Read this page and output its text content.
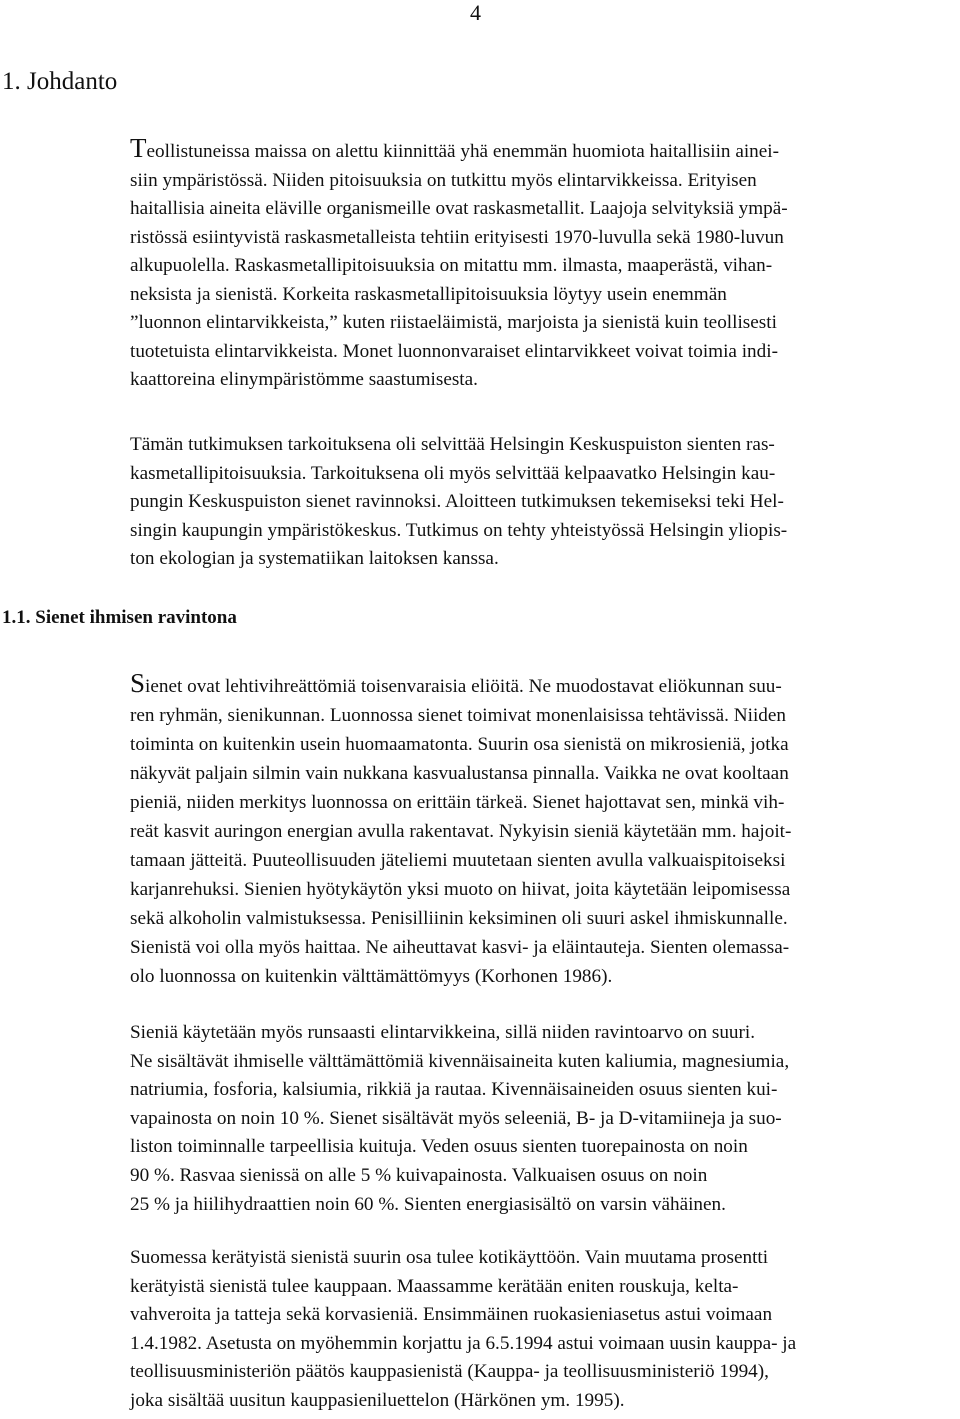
4
1. Johdanto
Teollistuneissa maissa on alettu kiinnittää yhä enemmän huomiota haitallisiin ainei-
siin ympäristössä. Niiden pitoisuuksia on tutkittu myös elintarvikkeissa. Erityisen
haitallisia aineita eläville organismeille ovat raskasmetallit. Laajoja selvityksiä ympä-
ristössä esiintyvistä raskasmetalleista tehtiin erityisesti 1970-luvulla sekä 1980-luvun
alkupuolella. Raskasmetallipitoisuuksia on mitattu mm. ilmasta, maaperästä, vihan-
neksista ja sienistä. Korkeita raskasmetallipitoisuuksia löytyy usein enemmän
”luonnon elintarvikkeista,” kuten riistaeläimistä, marjoista ja sienistä kuin teollisesti
tuotetuista elintarvikkeista. Monet luonnonvaraiset elintarvikkeet voivat toimia indi-
kaattoreina elinympäristömme saastumisesta.
Tämän tutkimuksen tarkoituksena oli selvittää Helsingin Keskuspuiston sienten ras-
kasmetallipitoisuuksia. Tarkoituksena oli myös selvittää kelpaavatko Helsingin kau-
pungin Keskuspuiston sienet ravinnoksi. Aloitteen tutkimuksen tekemiseksi teki Hel-
singin kaupungin ympäristökeskus. Tutkimus on tehty yhteistyössä Helsingin yliopis-
ton ekologian ja systematiikan laitoksen kanssa.
1.1. Sienet ihmisen ravintona
Sienet ovat lehtivihreättömiä toisenvaraisia eliöitä. Ne muodostavat eliökunnan suu-
ren ryhmän, sienikunnan. Luonnossa sienet toimivat monenlaisissa tehtävissä. Niiden
toiminta on kuitenkin usein huomaamatonta. Suurin osa sienistä on mikrosieniä, jotka
näkyvät paljain silmin vain nukkana kasvualustansa pinnalla. Vaikka ne ovat kooltaan
pieniä, niiden merkitys luonnossa on erittäin tärkeä. Sienet hajottavat sen, minkä vih-
reät kasvit auringon energian avulla rakentavat. Nykyisin sieniä käytetään mm. hajoit-
tamaan jätteitä. Puuteollisuuden jäteliemi muutetaan sienten avulla valkuaispitoiseksi
karjanrehuksi. Sienien hyötykäytön yksi muoto on hiivat, joita käytetään leipomisessa
sekä alkoholin valmistuksessa. Penisilliinin keksiminen oli suuri askel ihmiskunnalle.
Sienistä voi olla myös haittaa. Ne aiheuttavat kasvi- ja eläintauteja. Sienten olemassa-
olo luonnossa on kuitenkin välttämättömyys (Korhonen 1986).
Sieniä käytetään myös runsaasti elintarvikkeina, sillä niiden ravintoarvo on suuri.
Ne sisältävät ihmiselle välttämättömiä kivennäisaineita kuten kaliumia, magnesiumia,
natriumia, fosforia, kalsiumia, rikkiä ja rautaa. Kivennäisaineiden osuus sienten kui-
vapainosta on noin 10 %. Sienet sisältävät myös seleeniä, B- ja D-vitamiineja ja suo-
liston toiminnalle tarpeellisia kuituja. Veden osuus sienten tuorepainosta on noin
90 %. Rasvaa sienissä on alle 5 % kuivapainosta. Valkuaisen osuus on noin
25 % ja hiilihydraattien noin 60 %. Sienten energiasisältö on varsin vähäinen.
Suomessa kerätyistä sienistä suurin osa tulee kotikäyttöön. Vain muutama prosentti
kerätyistä sienistä tulee kauppaan. Maassamme kerätään eniten rouskuja, kelta-
vahveroita ja tatteja sekä korvasieniä. Ensimmäinen ruokasieniasetus astui voimaan
1.4.1982. Asetusta on myöhemmin korjattu ja 6.5.1994 astui voimaan uusin kauppa- ja
teollisuusministeriön päätös kauppasienistä (Kauppa- ja teollisuusministeriö 1994),
joka sisältää uusitun kauppasieniluettelon (Härkönen ym. 1995).
